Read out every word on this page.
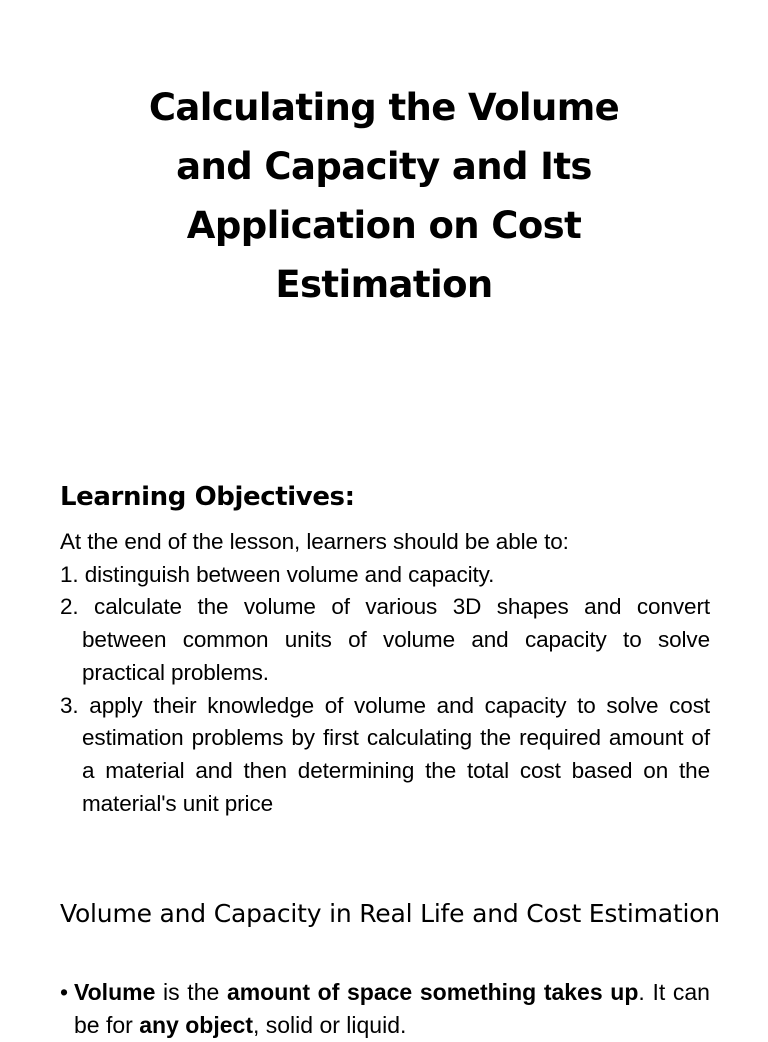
Calculating the Volume
and Capacity and Its
Application on Cost
Estimation
Learning Objectives:

At the end of the lesson, learners should be able to:

1. distinguish between volume and capacity.

2. calculate the volume of various 3D shapes and convert between common units of volume and capacity to solve practical problems.

3. apply their knowledge of volume and capacity to solve cost estimation problems by first calculating the required amount of a material and then determining the total cost based on the material's unit price

Volume and Capacity in Real Life and Cost Estimation
• Volume is the amount of space something takes up. It can be for any object, solid or liquid.
